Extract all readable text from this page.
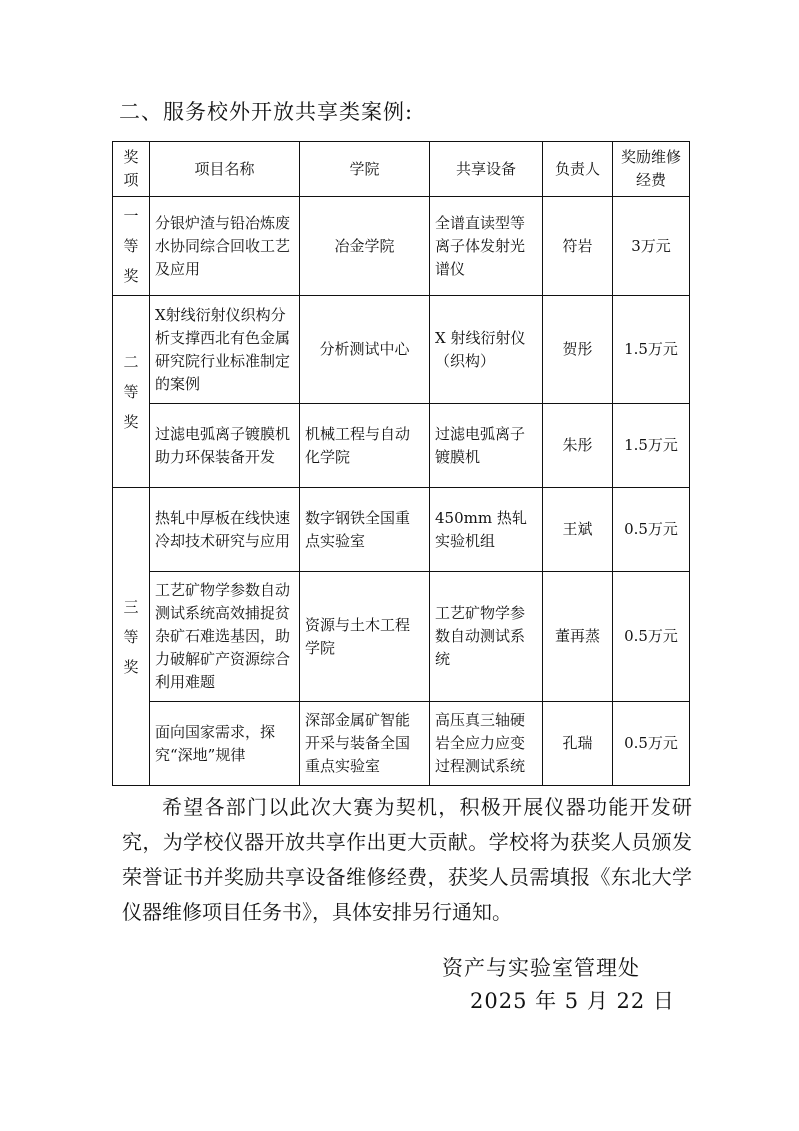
二、服务校外开放共享类案例:
奖项	项目名称	学院	共享设备	负责人	奖励维修经费
一等奖	分银炉渣与铅冶炼废水协同综合回收工艺及应用	冶金学院	全谱直读型等离子体发射光谱仪	符岩	3万元
二等奖	X射线衍射仪织构分析支撑西北有色金属研究院行业标准制定的案例	分析测试中心	X 射线衍射仪（织构）	贺彤	1.5万元
	过滤电弧离子镀膜机助力环保装备开发	机械工程与自动化学院	过滤电弧离子镀膜机	朱彤	1.5万元
三等奖	热轧中厚板在线快速冷却技术研究与应用	数字钢铁全国重点实验室	450mm 热轧实验机组	王斌	0.5万元
	工艺矿物学参数自动测试系统高效捕捉贫杂矿石难选基因，助力破解矿产资源综合利用难题	资源与土木工程学院	工艺矿物学参数自动测试系统	董再蒸	0.5万元
	面向国家需求，探究“深地”规律	深部金属矿智能开采与装备全国重点实验室	高压真三轴硬岩全应力应变过程测试系统	孔瑞	0.5万元

希望各部门以此次大赛为契机，积极开展仪器功能开发研究，为学校仪器开放共享作出更大贡献。学校将为获奖人员颁发荣誉证书并奖励共享设备维修经费，获奖人员需填报《东北大学仪器维修项目任务书》，具体安排另行通知。

资产与实验室管理处
2025 年 5 月 22 日
